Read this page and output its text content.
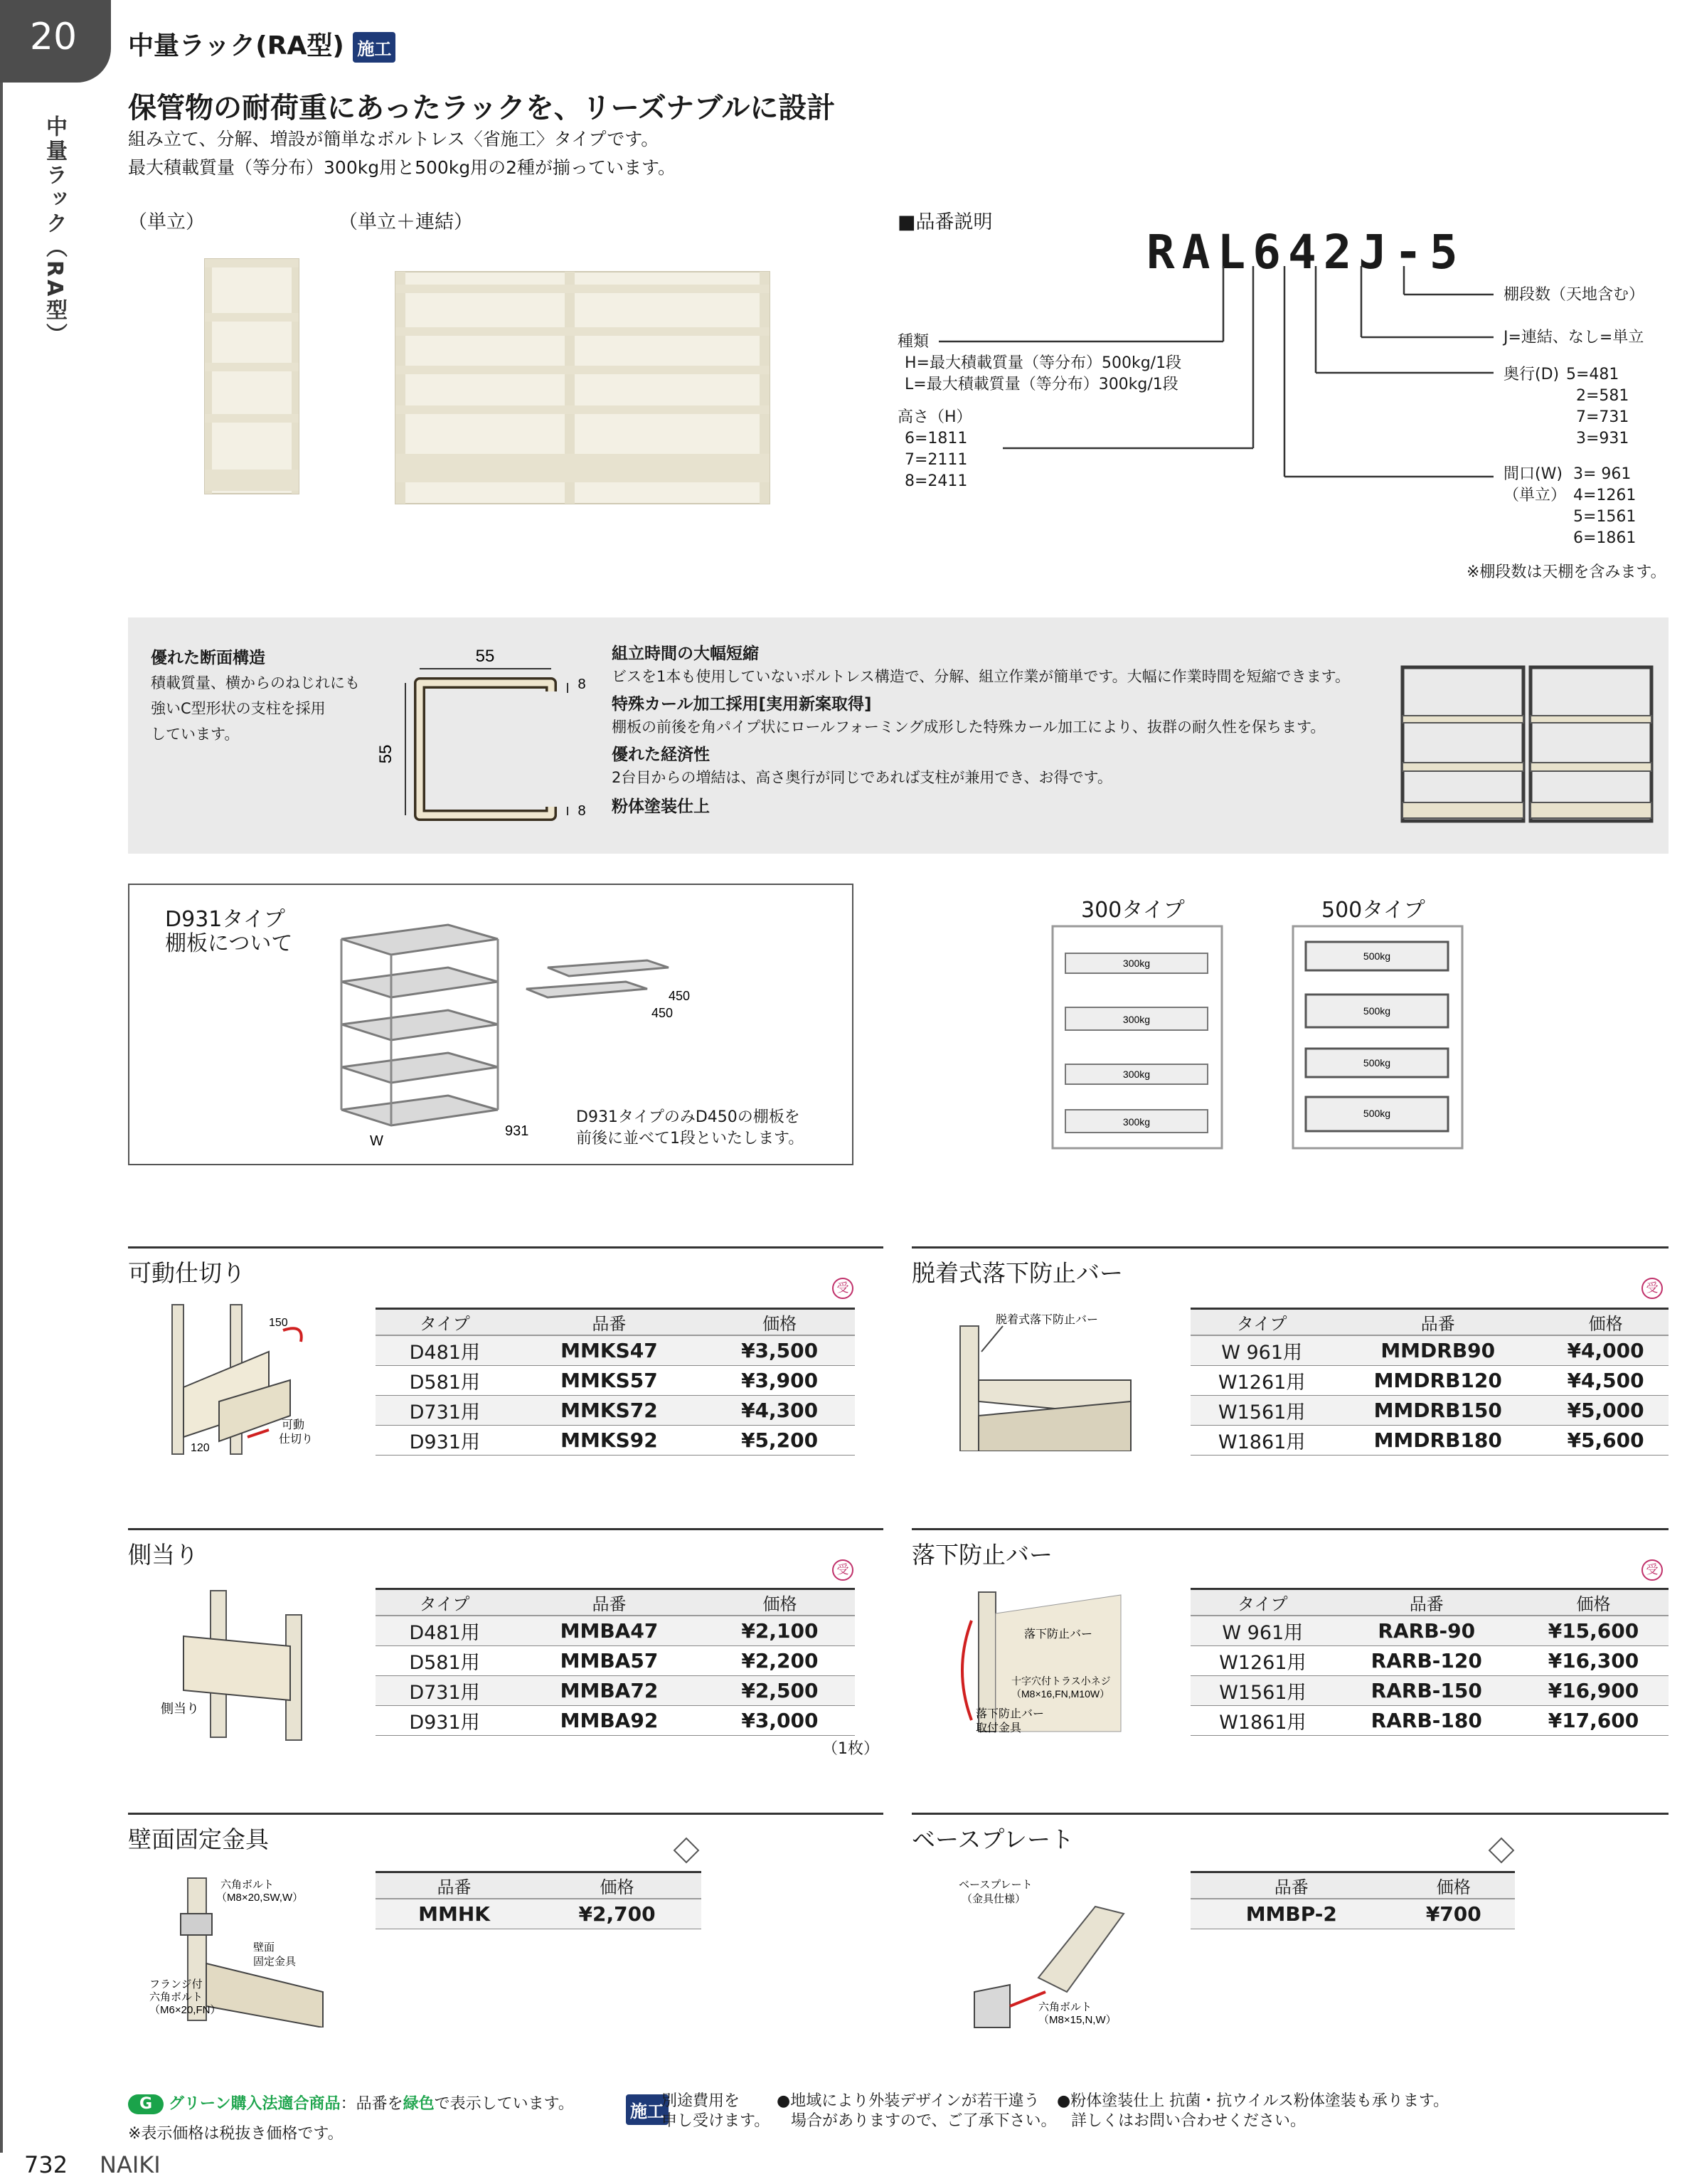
20
中量ラック（RA型）
中量ラック(RA型) 施工
保管物の耐荷重にあったラックを、リーズナブルに設計
組み立て、分解、増設が簡単なボルトレス〈省施工〉タイプです。
最大積載質量（等分布）300kg用と500kg用の2種が揃っています。
（単立）	（単立＋連結）	■品番説明
RAL642J-5
棚段数（天地含む）
J=連結、なし=単立
奥行(D) 5=481
2=581
7=731
3=931
種類
H=最大積載質量（等分布）500kg/1段
L=最大積載質量（等分布）300kg/1段
高さ（H）
6=1811
7=2111
8=2411	間口(W)
（単立）
3= 961
4=1261
5=1561
6=1861
※棚段数は天棚を含みます。
優れた断面構造
積載質量、横からのねじれにも
強いC型形状の支柱を採用
しています。
55
55
8
8
組立時間の大幅短縮
ビスを1本も使用していないボルトレス構造で、分解、組立作業が簡単です。大幅に作業時間を短縮できます。
特殊カール加工採用[実用新案取得]
棚板の前後を角パイプ状にロールフォーミング成形した特殊カール加工により、抜群の耐久性を保ちます。
優れた経済性
2台目からの増結は、高さ奥行が同じであれば支柱が兼用でき、お得です。
粉体塗装仕上
D931タイプ
棚板について
W
931
450
450
D931タイプのみD450の棚板を
前後に並べて1段といたします。
300タイプ	500タイプ
300kg
300kg
300kg
300kg
500kg
500kg
500kg
500kg
可動仕切り
受
150
120
可動
仕切り
タイプ	品番	価格
D481用	MMKS47	¥3,500
D581用	MMKS57	¥3,900
D731用	MMKS72	¥4,300
D931用	MMKS92	¥5,200
脱着式落下防止バー
受
脱着式落下防止バー	タイプ	品番	価格
W 961用	MMDRB90	¥4,000
W1261用	MMDRB120	¥4,500
W1561用	MMDRB150	¥5,000
W1861用	MMDRB180	¥5,600
側当り
受
側当り
タイプ	品番	価格
D481用	MMBA47	¥2,100
D581用	MMBA57	¥2,200
D731用	MMBA72	¥2,500
D931用	MMBA92	¥3,000
（1枚）
落下防止バー
受
落下防止バー
十字穴付トラス小ネジ
（M8×16,FN,M10W）
落下防止バー
取付金具
タイプ	品番	価格
W 961用	RARB-90	¥15,600
W1261用	RARB-120	¥16,300
W1561用	RARB-150	¥16,900
W1861用	RARB-180	¥17,600
壁面固定金具
六角ボルト
（M8×20,SW,W）
壁面
固定金具
フランジ付
六角ボルト
（M6×20,FN）
品番	価格
MMHK	¥2,700
ベースプレート
ベースプレート
（金具仕様）
六角ボルト
（M8×15,N,W）
品番	価格
MMBP-2	¥700
G グリーン購入法適合商品：品番を緑色で表示しています。	施工
別途費用を
申し受けます。
●地域により外装デザインが若干違う
場合がありますので、ご了承下さい。
●粉体塗装仕上 抗菌・抗ウイルス粉体塗装も承ります。
詳しくはお問い合わせください。
※表示価格は税抜き価格です。
732 NAIKI
